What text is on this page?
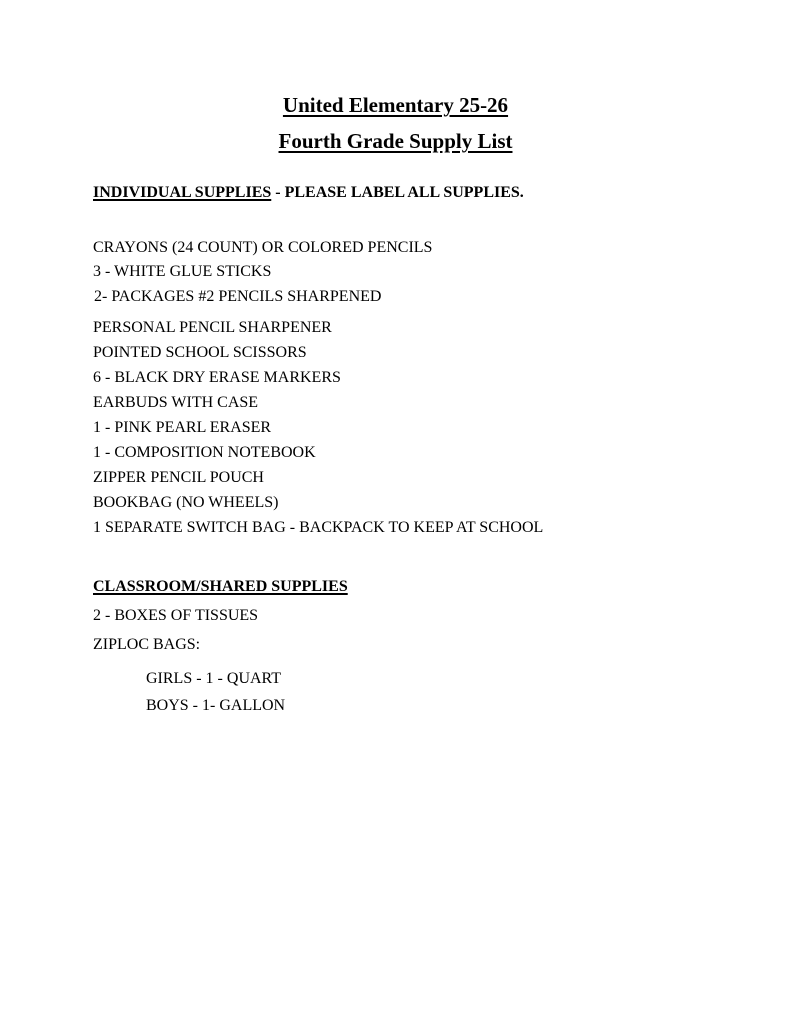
United Elementary 25-26
Fourth Grade Supply List
INDIVIDUAL SUPPLIES - PLEASE LABEL ALL SUPPLIES.
CRAYONS (24 COUNT) OR COLORED PENCILS
3 - WHITE GLUE STICKS
2- PACKAGES #2 PENCILS SHARPENED
PERSONAL PENCIL SHARPENER
POINTED SCHOOL SCISSORS
6 - BLACK DRY ERASE MARKERS
EARBUDS WITH CASE
1 - PINK PEARL ERASER
1 - COMPOSITION NOTEBOOK
ZIPPER PENCIL POUCH
BOOKBAG (NO WHEELS)
1 SEPARATE SWITCH BAG - BACKPACK TO KEEP AT SCHOOL
CLASSROOM/SHARED SUPPLIES
2 - BOXES OF TISSUES
ZIPLOC BAGS:
GIRLS - 1 - QUART
BOYS - 1- GALLON
